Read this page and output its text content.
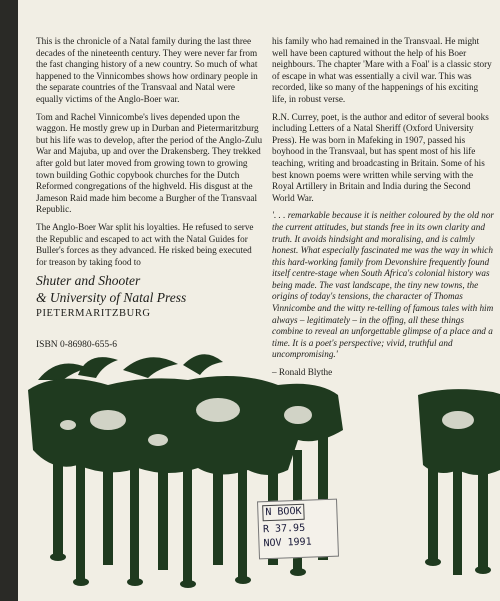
This is the chronicle of a Natal family during the last three decades of the nineteenth century. They were never far from the fast changing history of a new country. So much of what happened to the Vinnicombes shows how ordinary people in the separate countries of the Transvaal and Natal were equally victims of the Anglo-Boer war.

Tom and Rachel Vinnicombe's lives depended upon the waggon. He mostly grew up in Durban and Pietermaritzburg but his life was to develop, after the period of the Anglo-Zulu War and Majuba, up and over the Drakensberg. They trekked after gold but later moved from growing town to growing town building Gothic copybook churches for the Dutch Reformed congregations of the highveld. His disgust at the Jameson Raid made him become a Burgher of the Transvaal Republic.

The Anglo-Boer War split his loyalties. He refused to serve the Republic and escaped to act with the Natal Guides for Buller's forces as they advanced. He risked being executed for treason by taking food to

Shuter and Shooter
& University of Natal Press
PIETERMARITZBURG
ISBN 0-86980-655-6

his family who had remained in the Transvaal. He might well have been captured without the help of his Boer neighbours. The chapter 'Mare with a Foal' is a classic story of escape in what was essentially a civil war. This was recorded, like so many of the happenings of his exciting life, in robust verse.

R.N. Currey, poet, is the author and editor of several books including Letters of a Natal Sheriff (Oxford University Press). He was born in Mafeking in 1907, passed his boyhood in the Transvaal, but has spent most of his life teaching, writing and broadcasting in Britain. Some of his best known poems were written while serving with the Royal Artillery in Britain and India during the Second World War.

'. . . remarkable because it is neither coloured by the old nor the current attitudes, but stands free in its own clarity and truth. It avoids hindsight and moralising, and is calmly honest. What especially fascinated me was the way in which this hard-working family from Devonshire frequently found itself centre-stage when South Africa's colonial history was being made. The vast landscape, the tiny new towns, the origins of today's tensions, the character of Thomas Vinnicombe and the witty re-telling of famous tales with him always – legitimately – in the offing, all these things combine to reveal an unforgettable glimpse of a place and a time. It is a poet's perspective; vivid, truthful and uncompromising.'

– Ronald Blythe

N BOOK
R 37.95
NOV 1991
